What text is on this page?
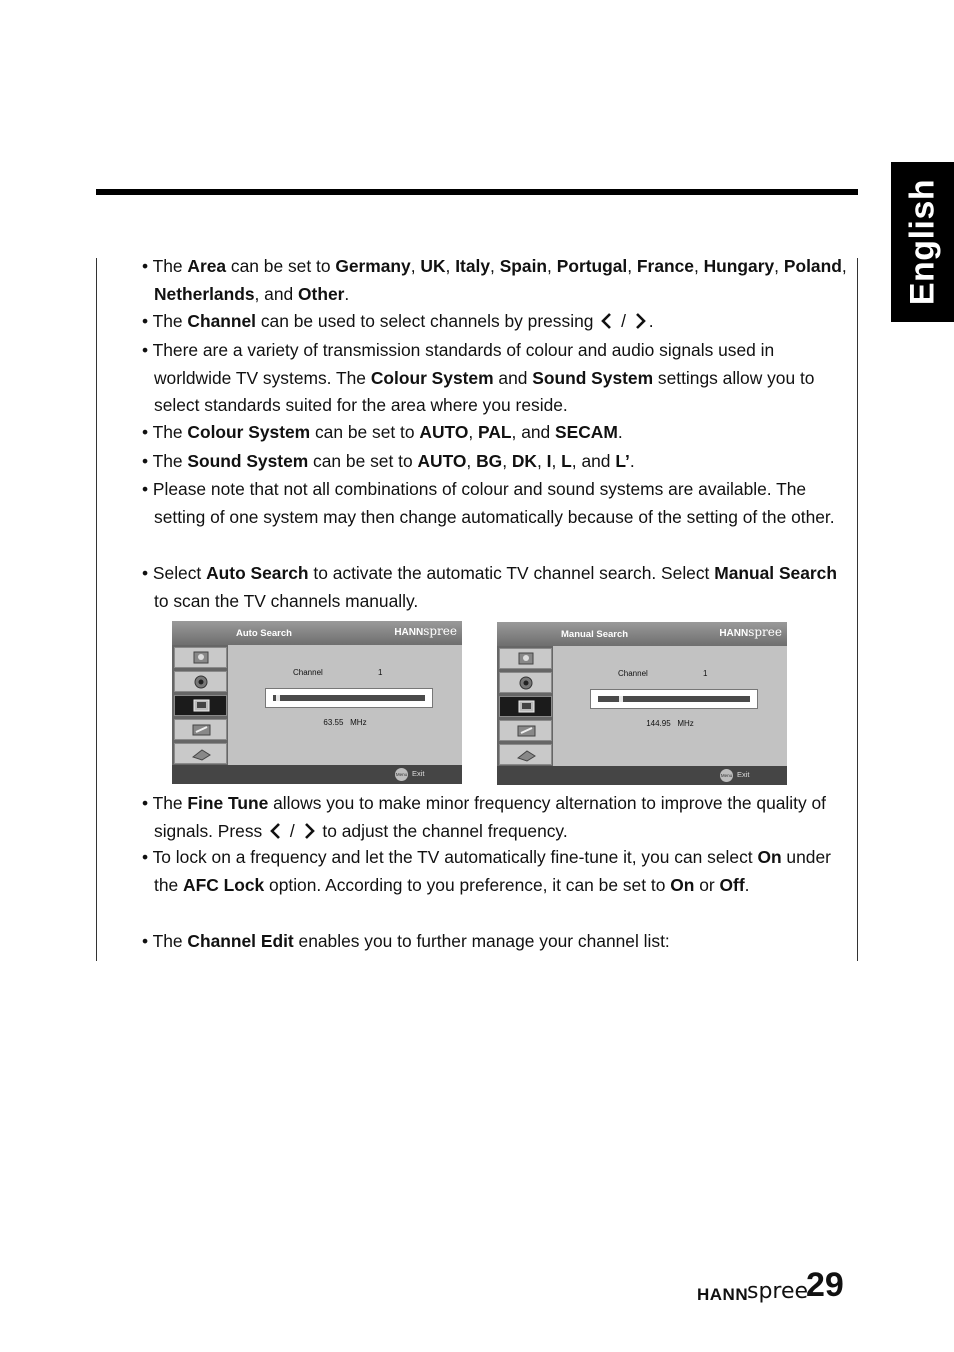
English
• The Area can be set to Germany, UK, Italy, Spain, Portugal, France, Hungary, Poland, Netherlands, and Other.
• The Channel can be used to select channels by pressing
/
.
• There are a variety of transmission standards of colour and audio signals used in worldwide TV systems. The Colour System and Sound System settings allow you to select standards suited for the area where you reside.
• The Colour System can be set to AUTO, PAL, and SECAM.
• The Sound System can be set to AUTO, BG, DK, I, L, and L’.
• Please note that not all combinations of colour and sound systems are available. The setting of one system may then change automatically because of the setting of the other.
• Select Auto Search to activate the automatic TV channel search. Select Manual Search to scan the TV channels manually.
Auto Search	HANNspree
Channel	1
63.55 MHz
Menu Exit
Manual Search	HANNspree
Channel	1
144.95 MHz
Menu Exit
• The Fine Tune allows you to make minor frequency alternation to improve the quality of signals. Press
/
to adjust the channel frequency.
• To lock on a frequency and let the TV automatically fine-tune it, you can select On under the AFC Lock option. According to you preference, it can be set to On or Off.
• The Channel Edit enables you to further manage your channel list:
HANN
spree
29
